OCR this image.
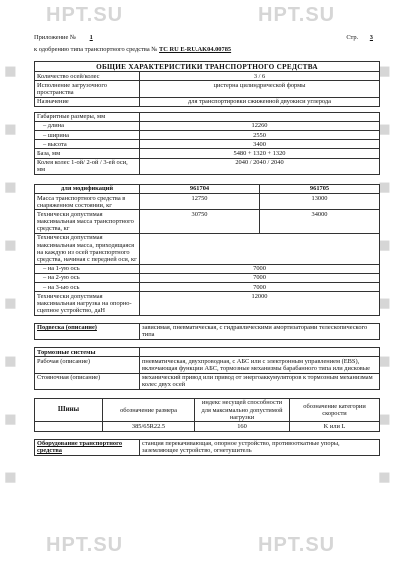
HPT.SU	HPT.SU
HPT.SU	HPT.SU
■	■
■	■
■	■
■	■
■	■
■	■
■	■
■	■
Приложение № 1	Стр. 3
к одобрению типа транспортного средства № TC RU E-RU.AK04.00785
ОБЩИЕ ХАРАКТЕРИСТИКИ ТРАНСПОРТНОГО СРЕДСТВА		
Количество осей/колес	3 / 6	
Исполнение загрузочного пространства	цистерна цилиндрической формы	
Назначение	для транспортировки сжиженной двуокиси углерода	

Габаритные размеры, мм		
– длина	12260	
– ширина	2550	
– высота	3400	
База, мм	5480 + 1320 + 1320	
Колея колес 1-ой/ 2-ой / 3-ей оси, мм	2040 / 2040 / 2040	

для модификаций	961704	961705
Масса транспортного средства в снаряженном состоянии, кг	12750	13000
Технически допустимая максимальная масса транспортного средства, кг	30750	34000
Технически допустимая максимальная масса, приходящаяся на каждую из осей транспортного средства, начиная с передней оси, кг		
– на 1-ую ось	7000	
– на 2-ую ось	7000	
– на 3-ью ось	7000	
Технически допустимая максимальная нагрузка на опорно-сцепное устройство, даН	12000	

Подвеска (описание)	зависимая, пневматическая, с гидравлическими амортизаторами телескопического типа	

Тормозные системы		
Рабочая (описание)	пневматическая, двухпроводная, с АБС или с электронным управлением (EBS), включающая функции АБС, тормозные механизмы барабанного типа или дисковые	
Стояночная (описание)	механический привод или привод от энергоаккумуляторов к тормозным механизмам колес двух осей	
Шины	обозначение размера	индекс несущей способности для максимально допустимой нагрузки	обозначение категории скорости
	385/65R22.5	160	K или L
Оборудование транспортного средства	станция перекачивающая, опорное устройство, противооткатные упоры, заземляющее устройство, огнетушитель
